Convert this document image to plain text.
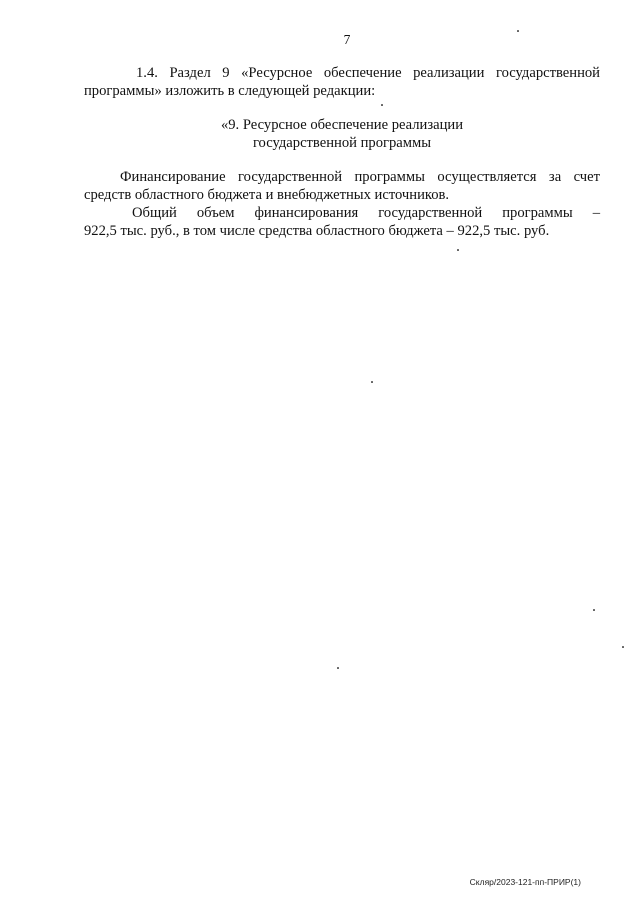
7
1.4. Раздел 9 «Ресурсное обеспечение реализации государственной
программы» изложить в следующей редакции:
«9. Ресурсное обеспечение реализации
государственной программы
Финансирование государственной программы осуществляется за счет
средств областного бюджета и внебюджетных источников.
Общий объем финансирования государственной программы –
922,5 тыс. руб., в том числе средства областного бюджета – 922,5 тыс. руб.
Скляр/2023-121-пп-ПРИР(1)
